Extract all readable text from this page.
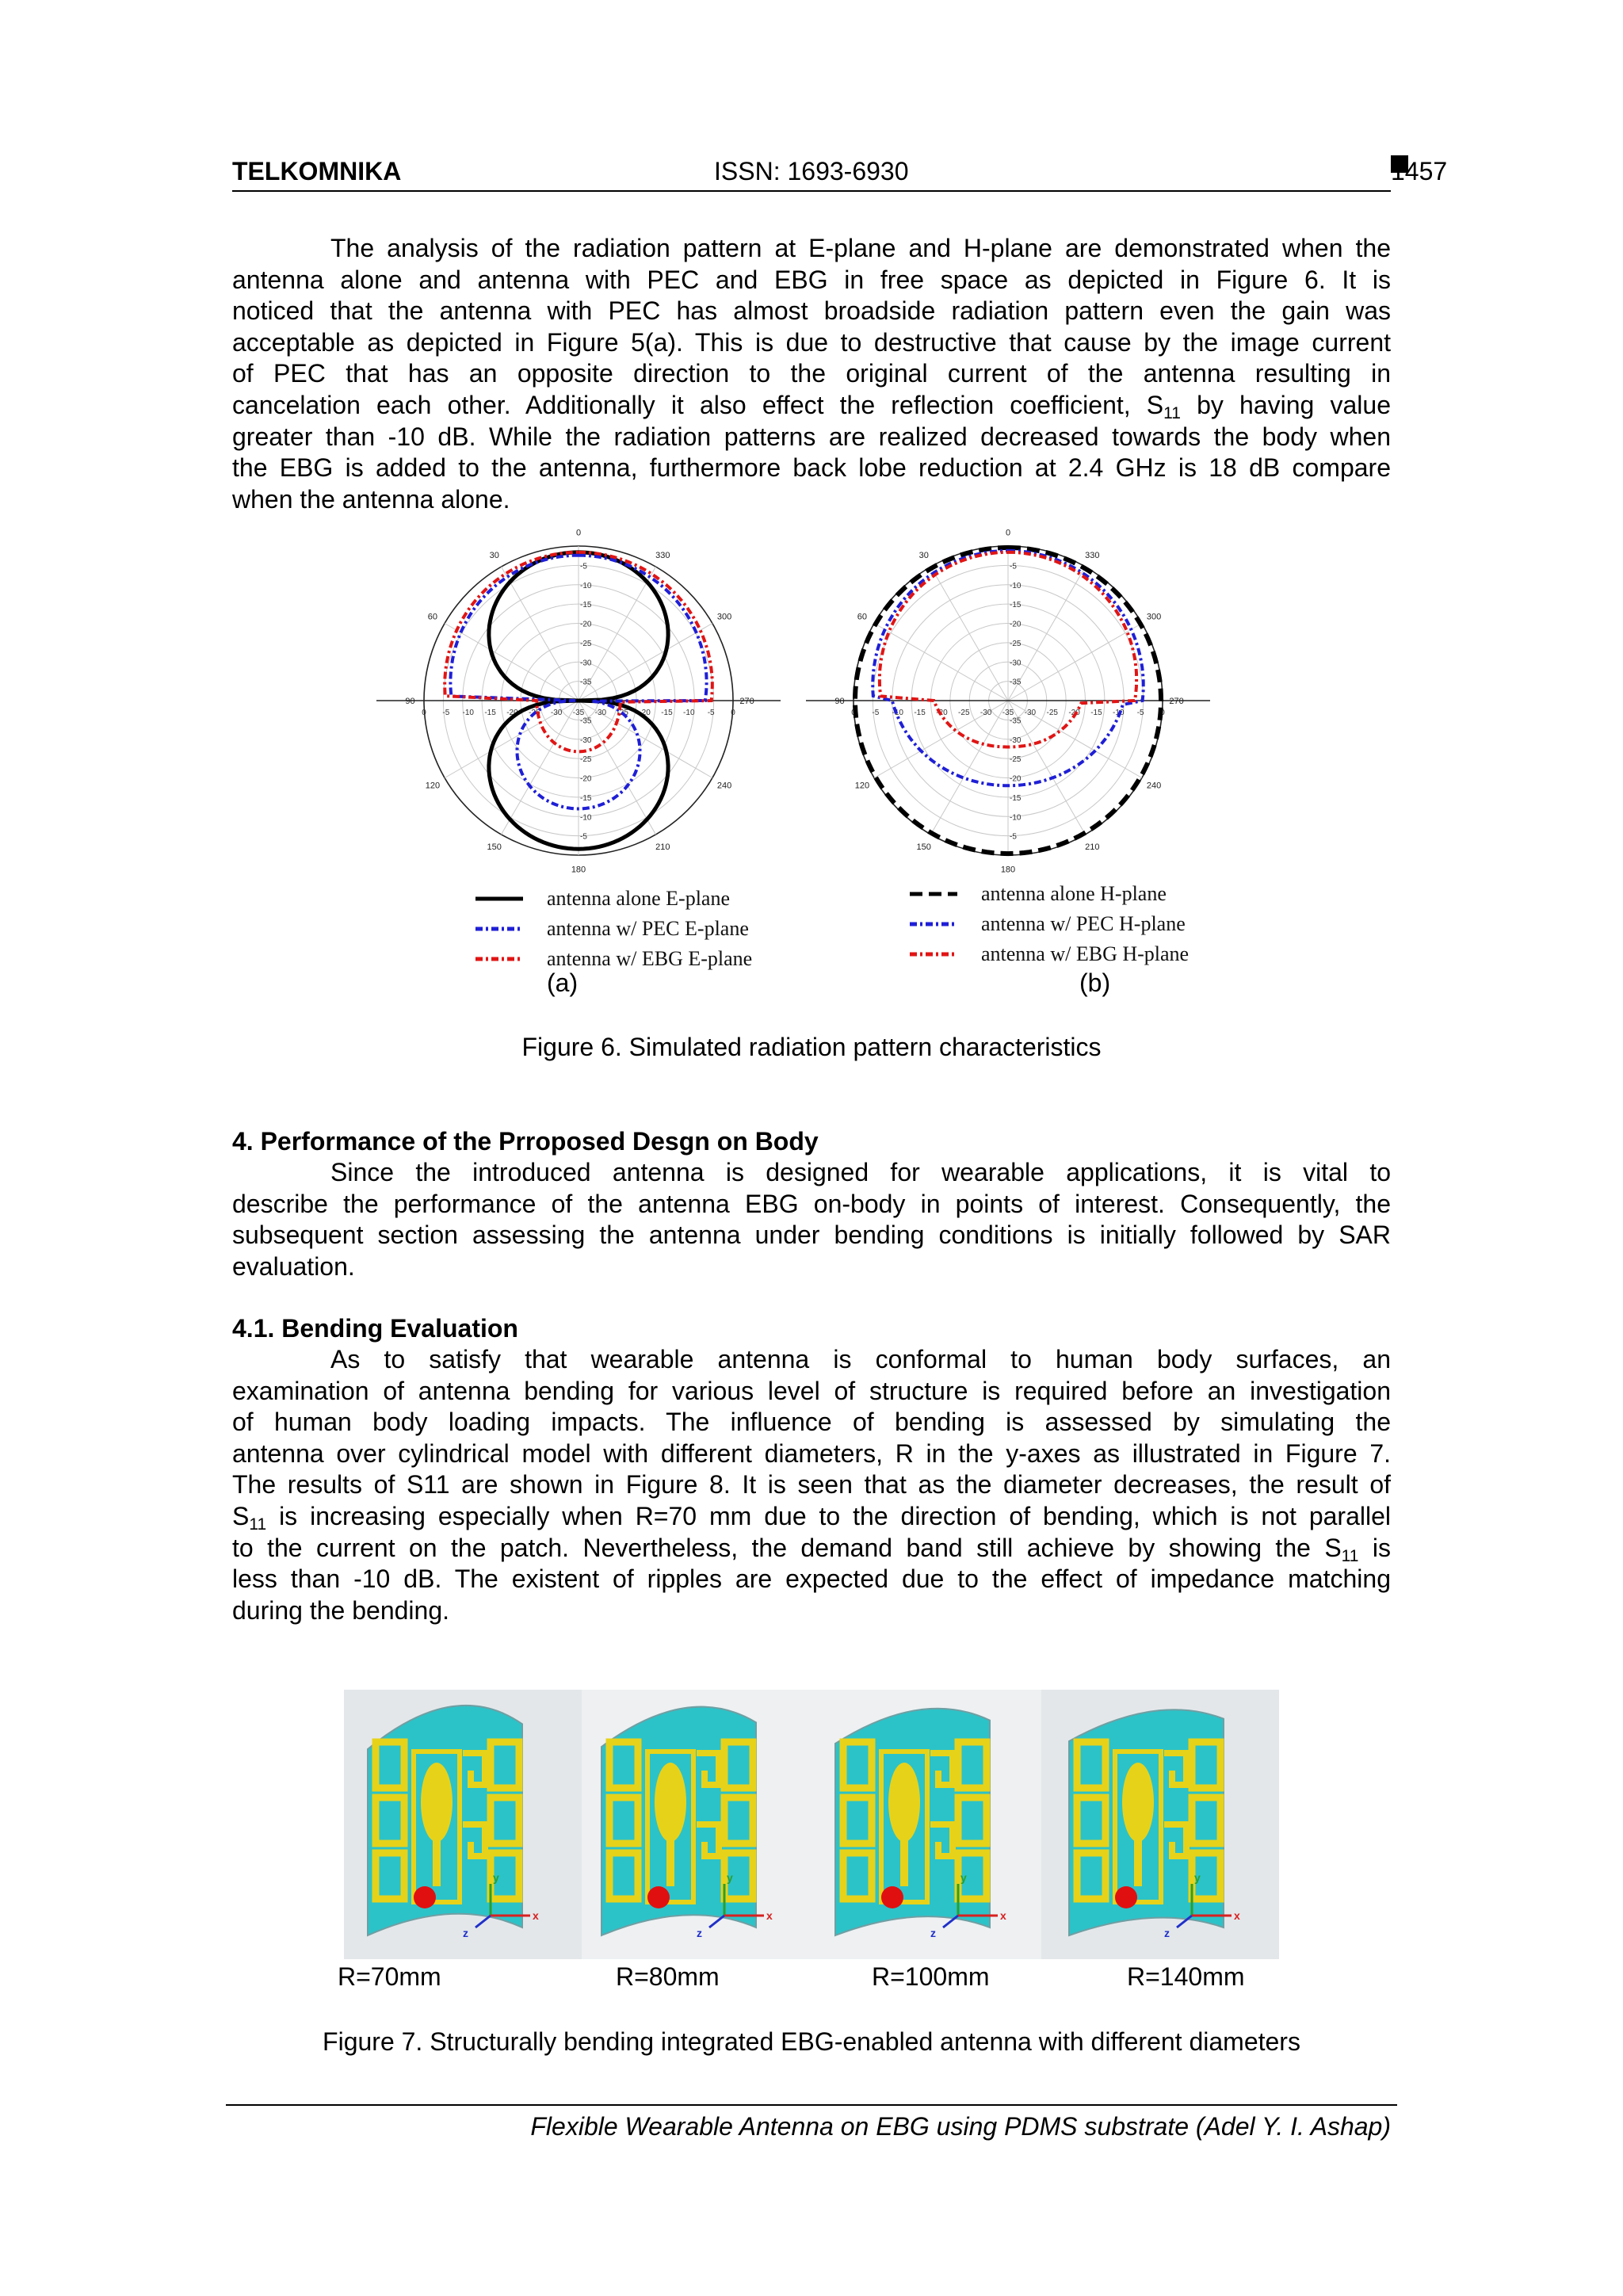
TELKOMNIKA	ISSN: 1693-6930	1457
The analysis of the radiation pattern at E-plane and H-plane are demonstrated when the
antenna alone and antenna with PEC and EBG in free space as depicted in Figure 6. It is
noticed that the antenna with PEC has almost broadside radiation pattern even the gain was
acceptable as depicted in Figure 5(a). This is due to destructive that cause by the image current
of PEC that has an opposite direction to the original current of the antenna resulting in
cancelation each other. Additionally it also effect the reflection coefficient, $S_{11}$ by having value
greater than -10 dB. While the radiation patterns are realized decreased towards the body when
the EBG is added to the antenna, furthermore back lobe reduction at 2.4 GHz is 18 dB compare
when the antenna alone.
0
30	330
60	300
90	270
120	240
150	210
180
-5
-5
-10
-10
-15
-15
-20
-20
-25
-25
-30
-30
-35
-35
0 -5 -10 -15 -20 -25 -30 -35 -30 -25 -20 -15 -10 -5 0
0
30	330
60	300
90	270
120	240
150	210
180
-5
-5
-10
-10
-15
-15
-20
-20
-25
-25
-30
-30
-35
-35
0 -5 -10 -15 -20 -25 -30 -35 -30 -25 -20 -15 -10 -5 0
antenna alone E-plane
antenna w/ PEC E-plane
antenna w/ EBG E-plane
antenna alone H-plane
antenna w/ PEC H-plane
antenna w/ EBG H-plane
(a)	(b)
Figure 6. Simulated radiation pattern characteristics
4. Performance of the Prroposed Desgn on Body
Since the introduced antenna is designed for wearable applications, it is vital to
describe the performance of the antenna EBG on-body in points of interest. Consequently, the
subsequent section assessing the antenna under bending conditions is initially followed by SAR
evaluation.
4.1. Bending Evaluation
As to satisfy that wearable antenna is conformal to human body surfaces, an
examination of antenna bending for various level of structure is required before an investigation
of human body loading impacts. The influence of bending is assessed by simulating the
antenna over cylindrical model with different diameters, R in the y-axes as illustrated in Figure 7.
The results of S11 are shown in Figure 8. It is seen that as the diameter decreases, the result of
$S_{11}$ is increasing especially when R=70 mm due to the direction of bending, which is not parallel
to the current on the patch. Nevertheless, the demand band still achieve by showing the $S_{11}$ is
less than -10 dB. The existent of ripples are expected due to the effect of impedance matching
during the bending.
y
x
z
y
x
z
y
x
z
y
x
z
R=70mm	R=80mm	R=100mm	R=140mm
Figure 7. Structurally bending integrated EBG-enabled antenna with different diameters
Flexible Wearable Antenna on EBG using PDMS substrate (Adel Y. I. Ashap)
